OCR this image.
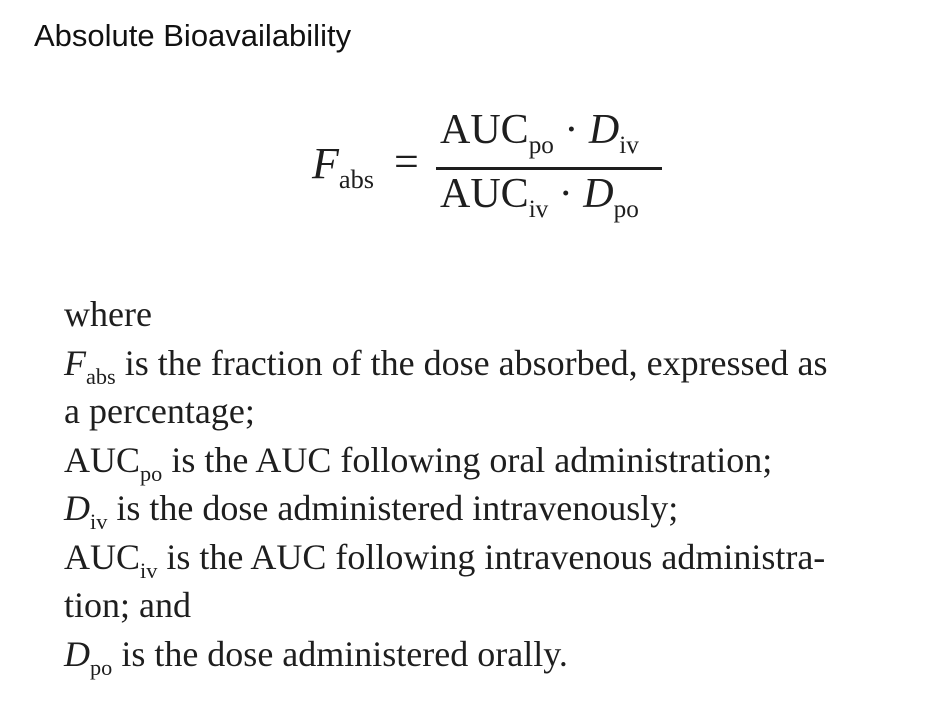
Absolute Bioavailability
$F_{abs}$ =
$AUC_{po} \cdot D_{iv}$
$AUC_{iv} \cdot D_{po}$
where
$F_{abs}$ is the fraction of the dose absorbed, expressed as
a percentage;
$AUC_{po}$ is the AUC following oral administration;
$D_{iv}$ is the dose administered intravenously;
$AUC_{iv}$ is the AUC following intravenous administra-
tion; and
$D_{po}$ is the dose administered orally.
